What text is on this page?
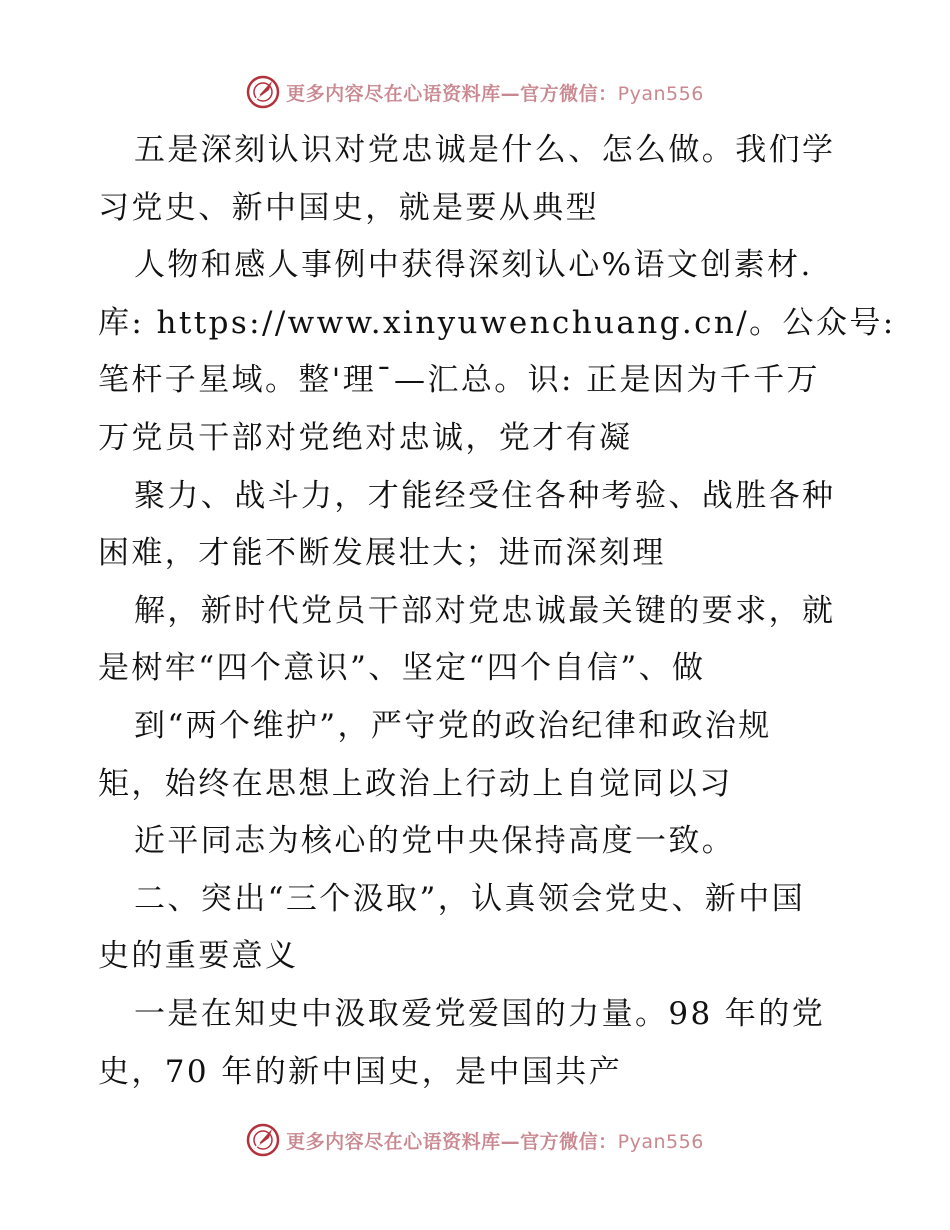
更多内容尽在心语资料库—官方微信：Pyan556
五是深刻认识对党忠诚是什么、怎么做。我们学
习党史、新中国史，就是要从典型
人物和感人事例中获得深刻认心%语文创素材.
库: https://www.xinyuwenchuang.cn/。公众号:
笔杆子星域。整'理¯—汇总。识: 正是因为千千万
万党员干部对党绝对忠诚，党才有凝
聚力、战斗力，才能经受住各种考验、战胜各种
困难，才能不断发展壮大；进而深刻理
解，新时代党员干部对党忠诚最关键的要求，就
是树牢“四个意识”、坚定“四个自信”、做
到“两个维护”，严守党的政治纪律和政治规
矩，始终在思想上政治上行动上自觉同以习
近平同志为核心的党中央保持高度一致。
二、突出“三个汲取”，认真领会党史、新中国
史的重要意义
一是在知史中汲取爱党爱国的力量。98 年的党
史，70 年的新中国史，是中国共产
更多内容尽在心语资料库—官方微信：Pyan556
